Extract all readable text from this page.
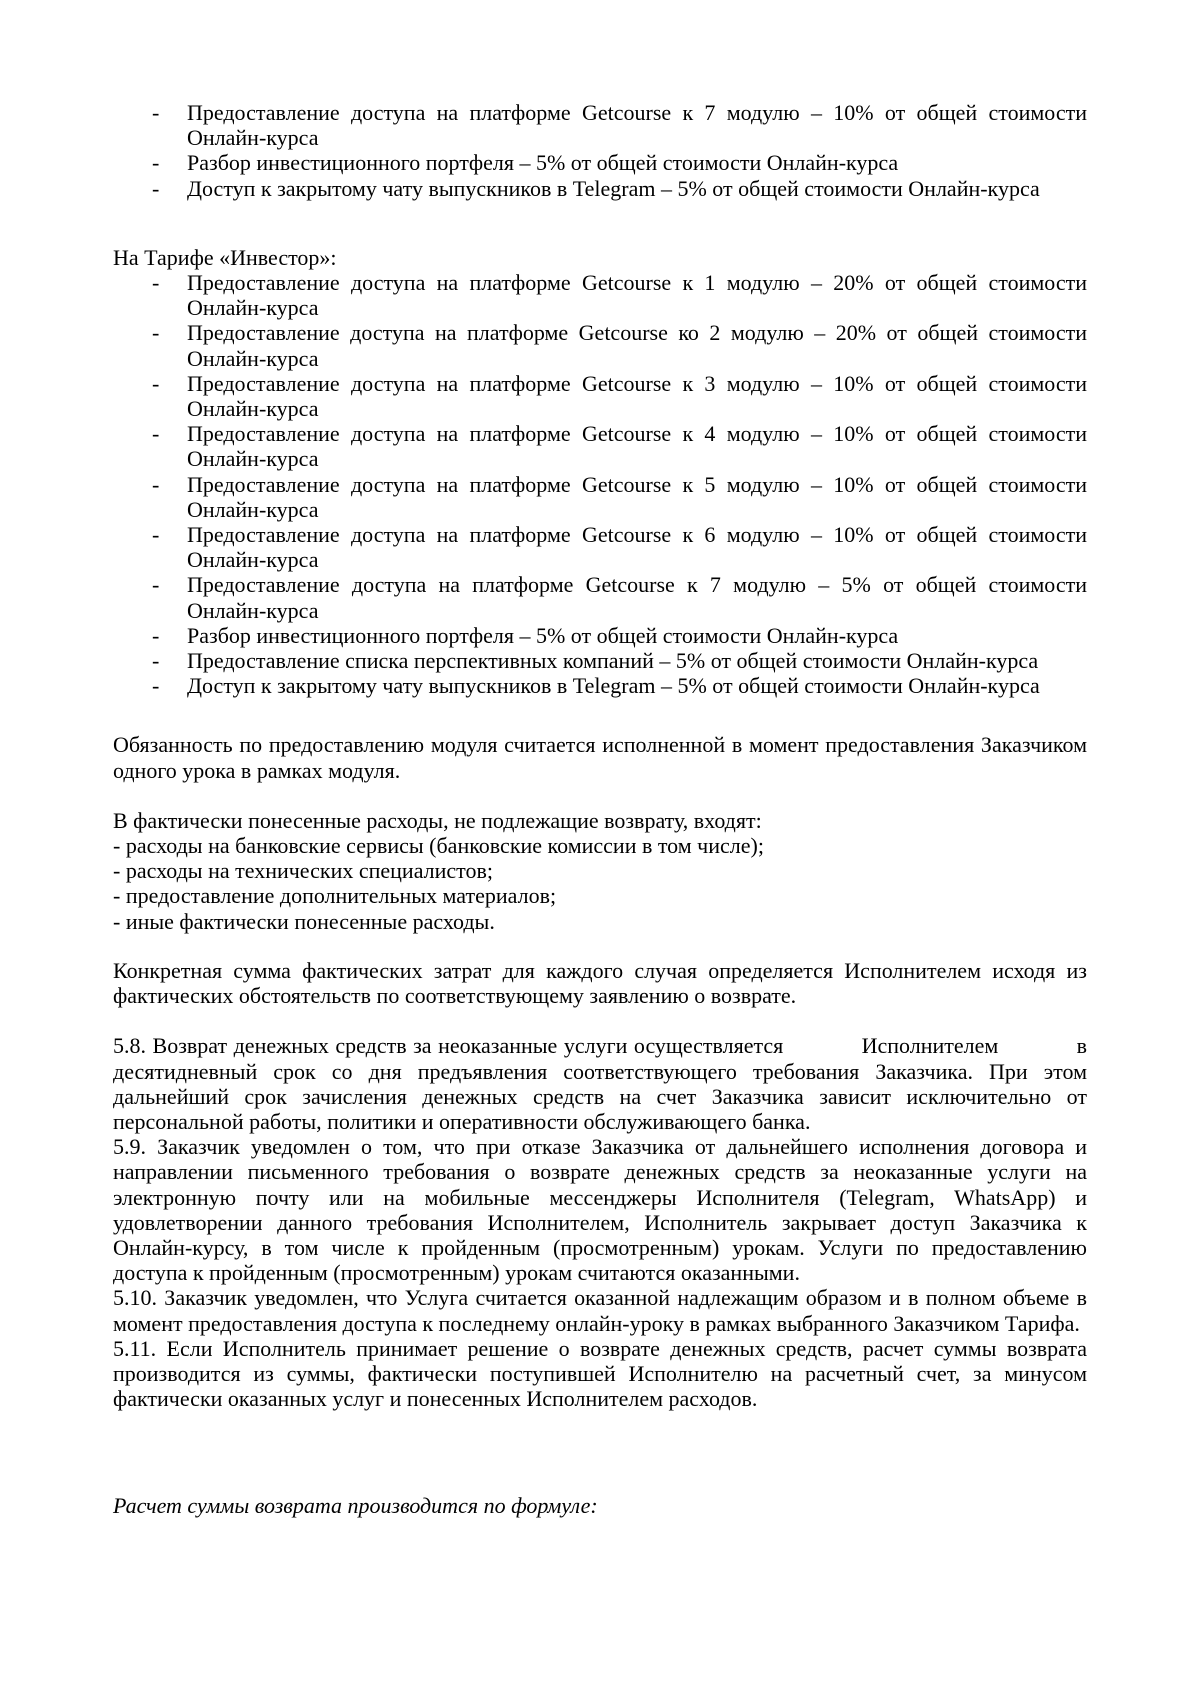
- Предоставление доступа на платформе Getcourse к 7 модулю – 10% от общей стоимости Онлайн-курса
- Разбор инвестиционного портфеля – 5% от общей стоимости Онлайн-курса
- Доступ к закрытому чату выпускников в Telegram – 5% от общей стоимости Онлайн-курса
На Тарифе «Инвестор»:
- Предоставление доступа на платформе Getcourse к 1 модулю – 20% от общей стоимости Онлайн-курса
- Предоставление доступа на платформе Getcourse ко 2 модулю – 20% от общей стоимости Онлайн-курса
- Предоставление доступа на платформе Getcourse к 3 модулю – 10% от общей стоимости Онлайн-курса
- Предоставление доступа на платформе Getcourse к 4 модулю – 10% от общей стоимости Онлайн-курса
- Предоставление доступа на платформе Getcourse к 5 модулю – 10% от общей стоимости Онлайн-курса
- Предоставление доступа на платформе Getcourse к 6 модулю – 10% от общей стоимости Онлайн-курса
- Предоставление доступа на платформе Getcourse к 7 модулю – 5% от общей стоимости Онлайн-курса
- Разбор инвестиционного портфеля – 5% от общей стоимости Онлайн-курса
- Предоставление списка перспективных компаний – 5% от общей стоимости Онлайн-курса
- Доступ к закрытому чату выпускников в Telegram – 5% от общей стоимости Онлайн-курса
Обязанность по предоставлению модуля считается исполненной в момент предоставления Заказчиком одного урока в рамках модуля.
В фактически понесенные расходы, не подлежащие возврату, входят:
- расходы на банковские сервисы (банковские комиссии в том числе);
- расходы на технических специалистов;
- предоставление дополнительных материалов;
- иные фактически понесенные расходы.
Конкретная сумма фактических затрат для каждого случая определяется Исполнителем исходя из фактических обстоятельств по соответствующему заявлению о возврате.
5.8. Возврат денежных средств за неоказанные услуги осуществляется            Исполнителем            в десятидневный срок со дня предъявления соответствующего требования Заказчика. При этом дальнейший срок зачисления денежных средств на счет Заказчика зависит исключительно от персональной работы, политики и оперативности обслуживающего банка.
5.9. Заказчик уведомлен о том, что при отказе Заказчика от дальнейшего исполнения договора и направлении письменного требования о возврате денежных средств за неоказанные услуги на электронную почту или на мобильные мессенджеры Исполнителя (Telegram, WhatsApp) и удовлетворении данного требования Исполнителем, Исполнитель закрывает доступ Заказчика к Онлайн-курсу, в том числе к пройденным (просмотренным) урокам. Услуги по предоставлению доступа к пройденным (просмотренным) урокам считаются оказанными.
5.10. Заказчик уведомлен, что Услуга считается оказанной надлежащим образом и в полном объеме в момент предоставления доступа к последнему онлайн-уроку в рамках выбранного Заказчиком Тарифа.
5.11. Если Исполнитель принимает решение о возврате денежных средств, расчет суммы возврата производится из суммы, фактически поступившей Исполнителю на расчетный счет, за минусом фактически оказанных услуг и понесенных Исполнителем расходов.
Расчет суммы возврата производится по формуле:
